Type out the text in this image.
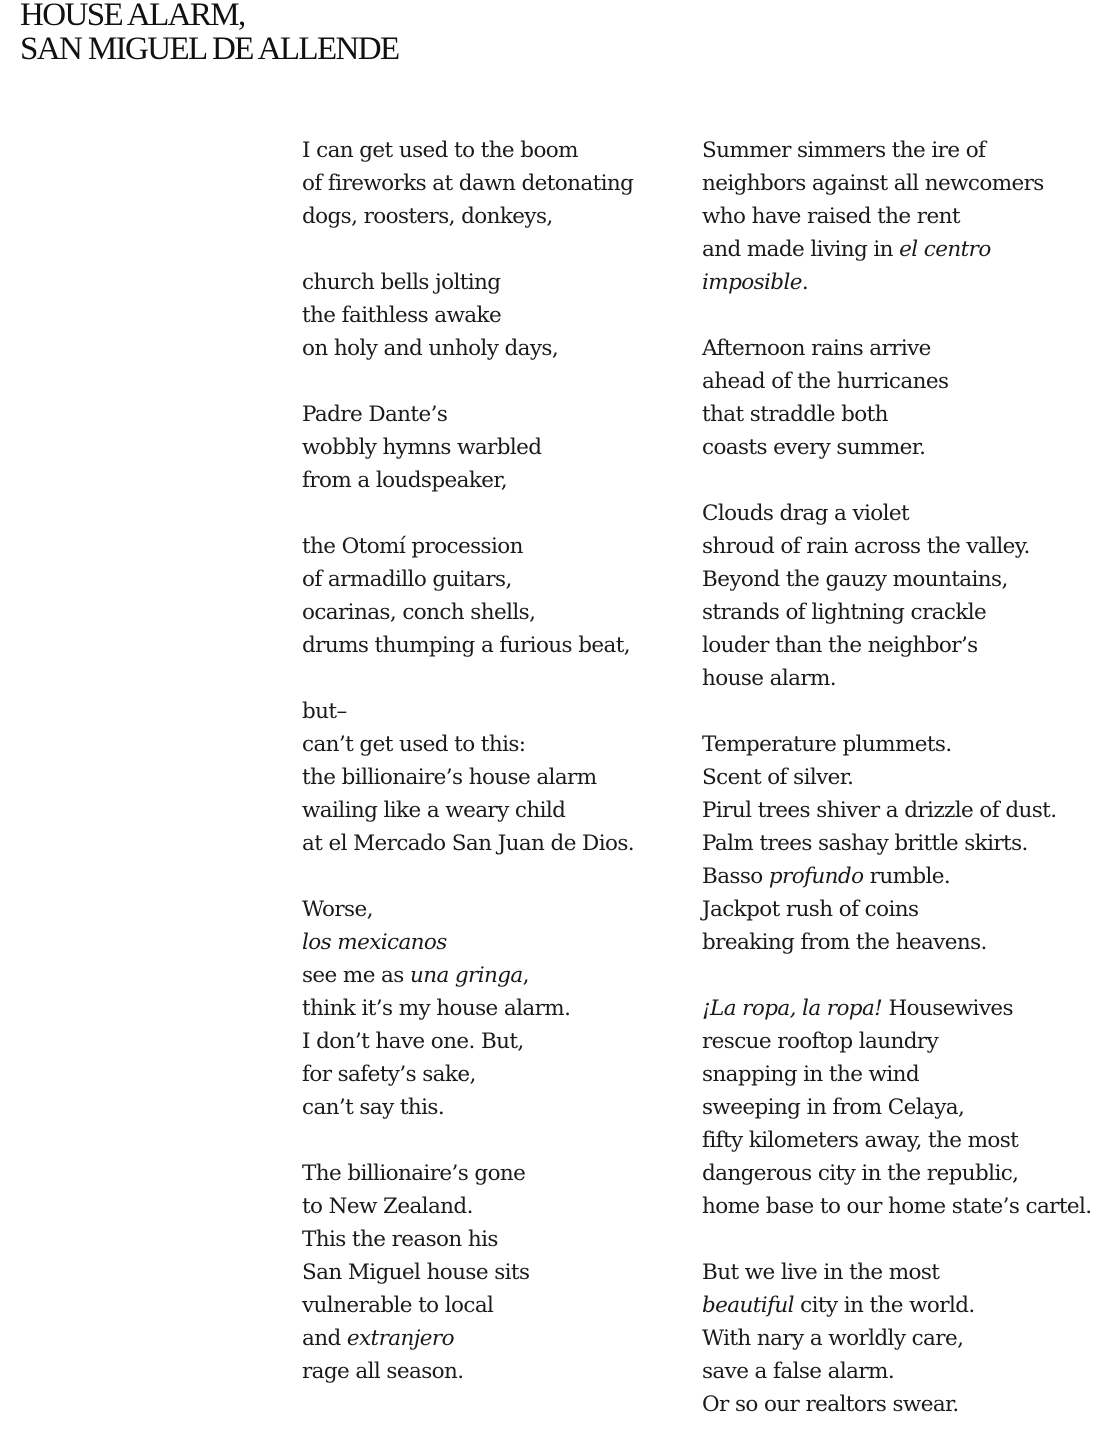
HOUSE ALARM,
SAN MIGUEL DE ALLENDE
I can get used to the boom
of fireworks at dawn detonating
dogs, roosters, donkeys,
church bells jolting
the faithless awake
on holy and unholy days,
Padre Dante’s
wobbly hymns warbled
from a loudspeaker,
the Otomí procession
of armadillo guitars,
ocarinas, conch shells,
drums thumping a furious beat,
but–
can’t get used to this:
the billionaire’s house alarm
wailing like a weary child
at el Mercado San Juan de Dios.
Worse,
los mexicanos
see me as una gringa,
think it’s my house alarm.
I don’t have one. But,
for safety’s sake,
can’t say this.
The billionaire’s gone
to New Zealand.
This the reason his
San Miguel house sits
vulnerable to local
and extranjero
rage all season.
Summer simmers the ire of
neighbors against all newcomers
who have raised the rent
and made living in el centro
imposible.
Afternoon rains arrive
ahead of the hurricanes
that straddle both
coasts every summer.
Clouds drag a violet
shroud of rain across the valley.
Beyond the gauzy mountains,
strands of lightning crackle
louder than the neighbor’s
house alarm.
Temperature plummets.
Scent of silver.
Pirul trees shiver a drizzle of dust.
Palm trees sashay brittle skirts.
Basso profundo rumble.
Jackpot rush of coins
breaking from the heavens.
¡La ropa, la ropa! Housewives
rescue rooftop laundry
snapping in the wind
sweeping in from Celaya,
fifty kilometers away, the most
dangerous city in the republic,
home base to our home state’s cartel.
But we live in the most
beautiful city in the world.
With nary a worldly care,
save a false alarm.
Or so our realtors swear.
